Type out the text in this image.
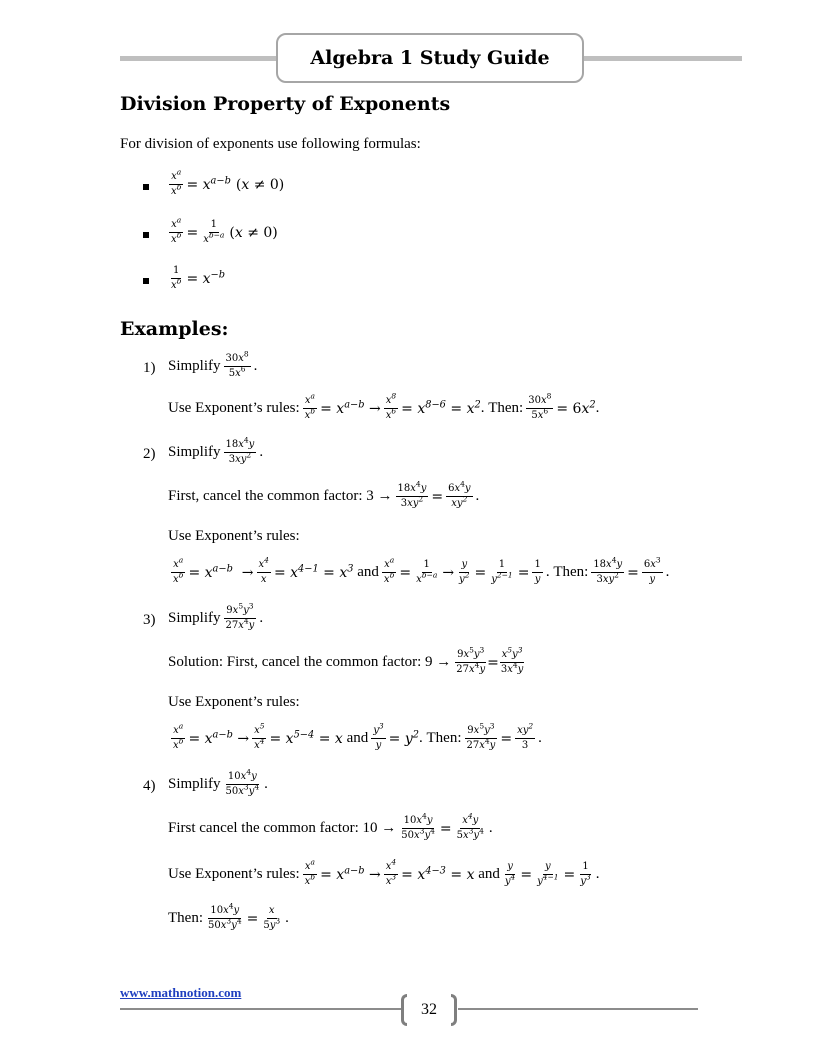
Algebra 1 Study Guide
Division Property of Exponents
For division of exponents use following formulas:
$\frac{x^a}{x^b} = x^{a-b}$ ( x ≠ 0)
$\frac{x^a}{x^b} = \frac{1}{x^{b-a}}$ ( x ≠ 0)
$\frac{1}{x^b} = x^{-b}$
Examples:
1) Simplify $\frac{30x^8}{5x^6}$ .
Use Exponent’s rules: $\frac{x^a}{x^b} = x^{a-b} \to \frac{x^8}{x^6} = x^{8-6} = x^2$ . Then: $\frac{30x^8}{5x^6} = 6$ $x^2$ .
2) Simplify $\frac{18x^4y}{3xy^2}$ .
First, cancel the common factor:
$3 \to \frac{18x^4y}{3xy^2} = \frac{6x^4y}{xy^2}$ .
Use Exponent’s rules:
$\frac{x^a}{x^b} = x^{a-b} \to \frac{x^4}{x} = x^{4-1} = x^3$
and $\frac{x^a}{x^b} = \frac{1}{x^{b-a}} \to \frac{y}{y^2} = \frac{1}{y^{2-1}} = \frac{1}{y}$ . Then: $\frac{18x^4y}{3xy^2} = \frac{6x^3}{y}$ .
3) Simplify $\frac{9x^5y^3}{27x^4y}$ .
Solution: First, cancel the common factor:
$9 \to \frac{9x^5y^3}{27x^4y} = \frac{x^5y^3}{3x^4y}$
Use Exponent’s rules:
$\frac{x^a}{x^b} = x^{a-b} \to \frac{x^5}{x^4} = x^{5-4} = x$
and $\frac{y^3}{y} = y^2$ . Then: $\frac{9x^5y^3}{27x^4y} = \frac{xy^2}{3}$ .
4) Simplify $\frac{10x^4y}{50x^3y^4}$ .
First cancel the common factor:
$10 \to \frac{10x^4y}{50x^3y^4} = \frac{x^4y}{5x^3y^4}$ .
Use Exponent’s rules: $\frac{x^a}{x^b} = x^{a-b} \to \frac{x^4}{x^3} = x^{4-3} = x$
and $\frac{y}{y^4} = \frac{y}{y^{4-1}} = \frac{1}{y^3}$ .
Then: $\frac{10x^4y}{50x^3y^4} = \frac{x}{5y^3}$ .
www.mathnotion.com
32
